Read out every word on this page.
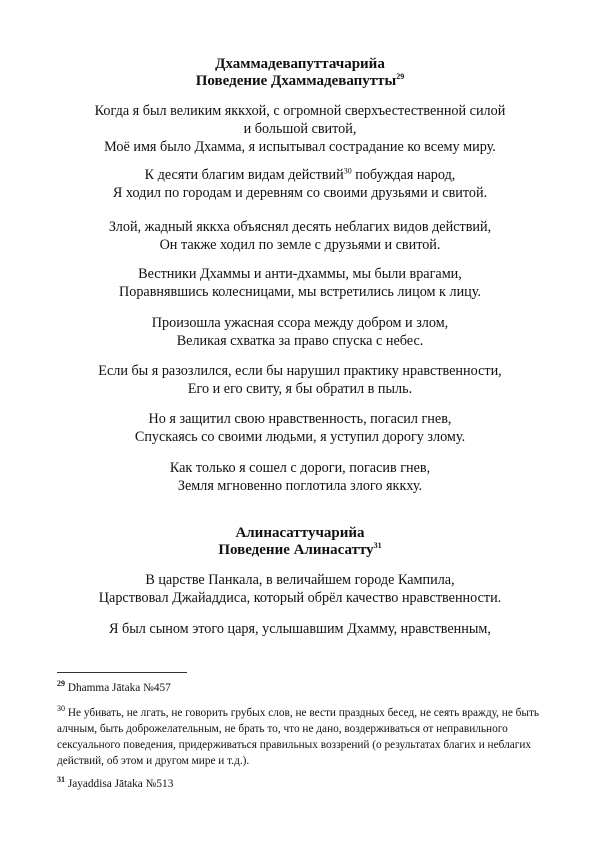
Дхаммадевапуттачарийа
Поведение Дхаммадевапутты$^{29}$
Когда я был великим яккхой, с огромной сверхъестественной силой
и большой свитой,
Моё имя было Дхамма, я испытывал сострадание ко всему миру.
К десяти благим видам действий$^{30}$ побуждая народ,
Я ходил по городам и деревням со своими друзьями и свитой.
Злой, жадный яккха объяснял десять неблагих видов действий,
Он также ходил по земле с друзьями и свитой.
Вестники Дхаммы и анти-дхаммы, мы были врагами,
Поравнявшись колесницами, мы встретились лицом к лицу.
Произошла ужасная ссора между добром и злом,
Великая схватка за право спуска с небес.
Если бы я разозлился, если бы нарушил практику нравственности,
Его и его свиту, я бы обратил в пыль.
Но я защитил свою нравственность, погасил гнев,
Спускаясь со своими людьми, я уступил дорогу злому.
Как только я сошел с дороги, погасив гнев,
Земля мгновенно поглотила злого яккху.
Алинасаттучарийа
Поведение Алинасатту$^{31}$
В царстве Панкала, в величайшем городе Кампила,
Царствовал Джайаддиса, который обрёл качество нравственности.
Я был сыном этого царя, услышавшим Дхамму, нравственным,
$^{29}$ Dhamma Jātaka №457
$^{30}$ Не убивать, не лгать, не говорить грубых слов, не вести праздных бесед, не сеять вражду, не быть алчным, быть доброжелательным, не брать то, что не дано, воздерживаться от неправильного сексуального поведения, придерживаться правильных воззрений (о результатах благих и неблагих действий, об этом и другом мире и т.д.).
$^{31}$ Jayaddisa Jātaka №513
